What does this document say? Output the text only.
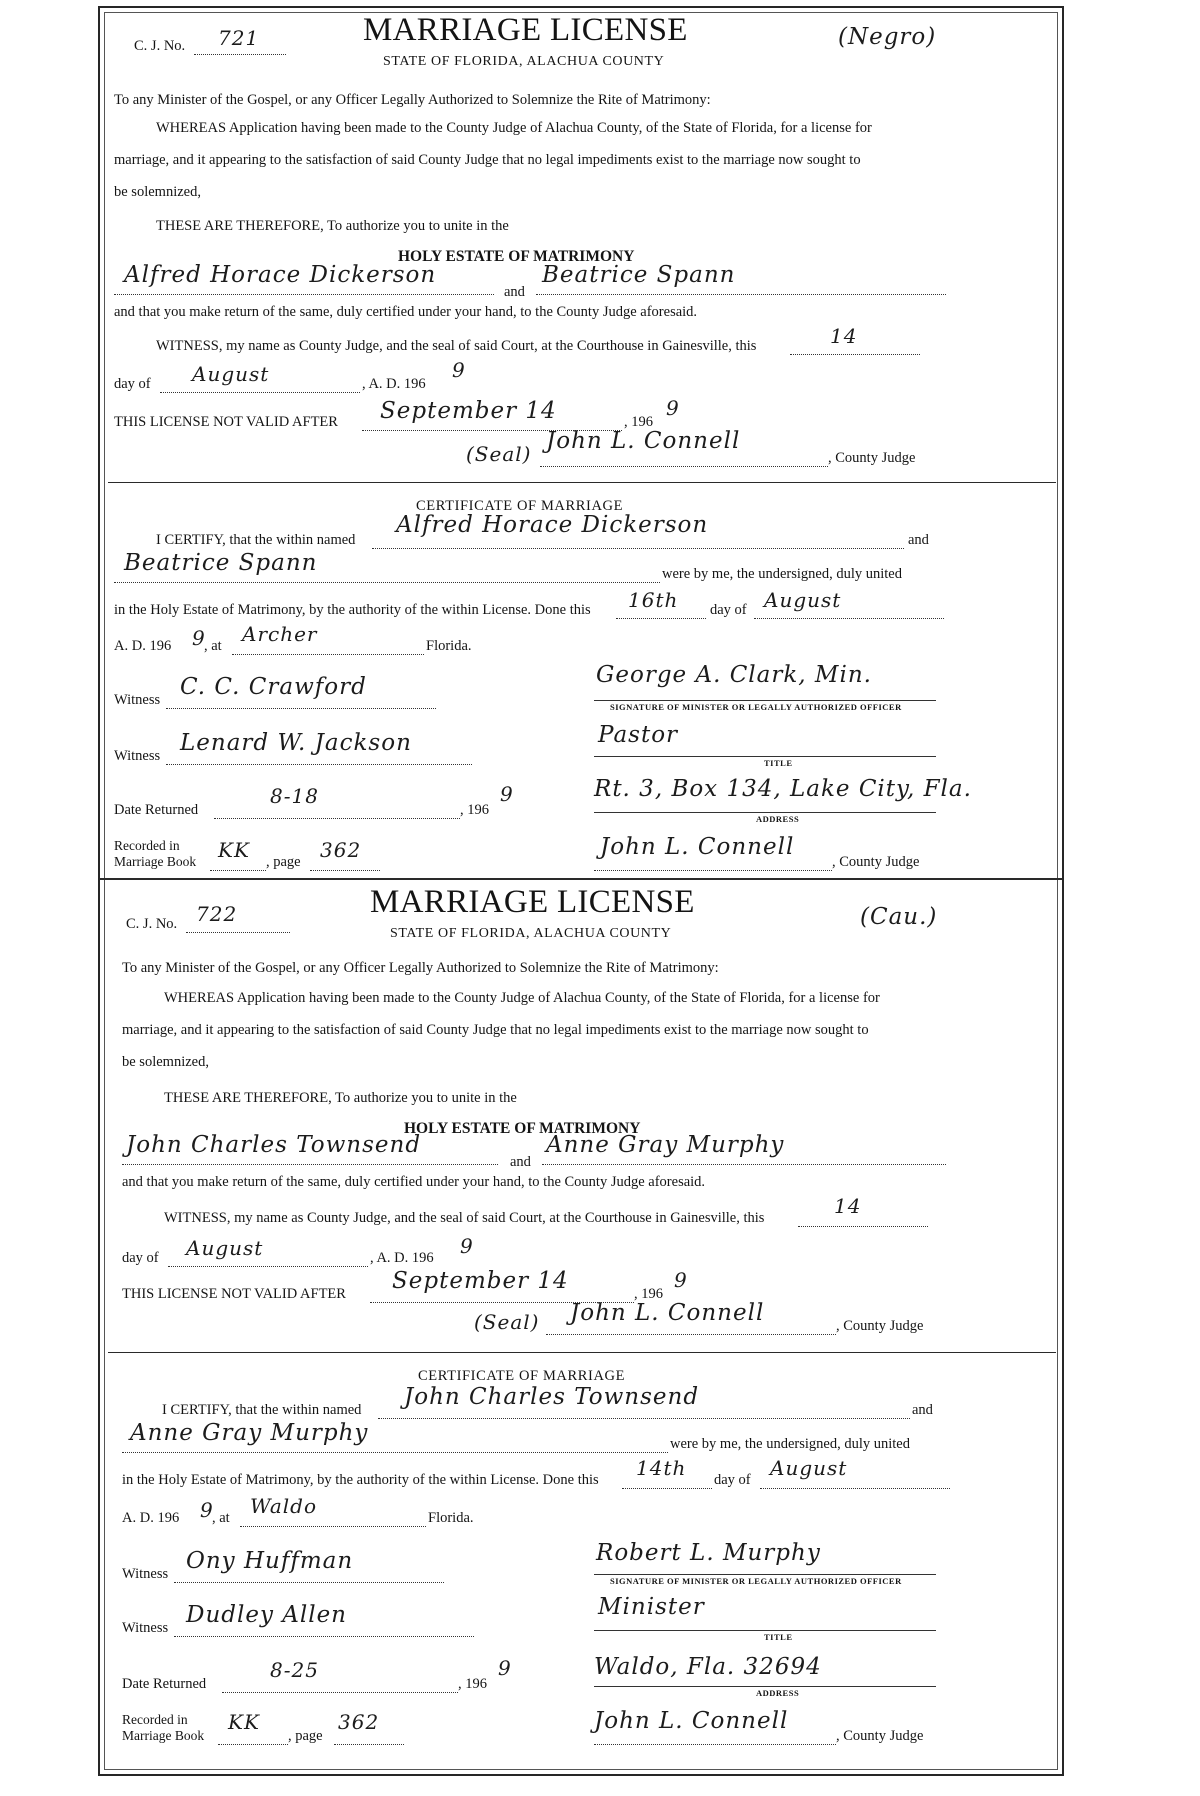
C. J. No. 721	MARRIAGE LICENSE
STATE OF FLORIDA, ALACHUA COUNTY
(Negro)
To any Minister of the Gospel, or any Officer Legally Authorized to Solemnize the Rite of Matrimony:
WHEREAS Application having been made to the County Judge of Alachua County, of the State of Florida, for a license for
marriage, and it appearing to the satisfaction of said County Judge that no legal impediments exist to the marriage now sought to
be solemnized,
THESE ARE THEREFORE, To authorize you to unite in the
HOLY ESTATE OF MATRIMONY
Alfred Horace Dickerson
and
Beatrice Spann
and that you make return of the same, duly certified under your hand, to the County Judge aforesaid.
WITNESS, my name as County Judge, and the seal of said Court, at the Courthouse in Gainesville, this	14
day of August	, A. D. 196
9
THIS LICENSE NOT VALID AFTER September 14	, 196
9
(Seal) John L. Connell
, County Judge
CERTIFICATE OF MARRIAGE
I CERTIFY, that the within named
Alfred Horace Dickerson
and
Beatrice Spann	were by me, the undersigned, duly united
in the Holy Estate of Matrimony, by the authority of the within License. Done this 16th day of August
A. D. 196 9
, at Archer	Florida.
Witness C. C. Crawford	George A. Clark, Min.
SIGNATURE OF MINISTER OR LEGALLY AUTHORIZED OFFICER
Witness Lenard W. Jackson	Pastor
TITLE
Date Returned
8-18
, 196
9	Rt. 3, Box 134, Lake City, Fla.
ADDRESS
Recorded in
Marriage Book KK , page 362	John L. Connell
, County Judge
C. J. No. 722	MARRIAGE LICENSE
STATE OF FLORIDA, ALACHUA COUNTY
(Cau.)
To any Minister of the Gospel, or any Officer Legally Authorized to Solemnize the Rite of Matrimony:
WHEREAS Application having been made to the County Judge of Alachua County, of the State of Florida, for a license for
marriage, and it appearing to the satisfaction of said County Judge that no legal impediments exist to the marriage now sought to
be solemnized,
THESE ARE THEREFORE, To authorize you to unite in the
HOLY ESTATE OF MATRIMONY
John Charles Townsend
and
Anne Gray Murphy
and that you make return of the same, duly certified under your hand, to the County Judge aforesaid.
WITNESS, my name as County Judge, and the seal of said Court, at the Courthouse in Gainesville, this	14
day of August	, A. D. 196 9
THIS LICENSE NOT VALID AFTER September 14	, 196
9
(Seal) John L. Connell	, County Judge
CERTIFICATE OF MARRIAGE
I CERTIFY, that the within named John Charles Townsend	and
Anne Gray Murphy	were by me, the undersigned, duly united
in the Holy Estate of Matrimony, by the authority of the within License. Done this 14th day of August
A. D. 196 9
, at Waldo	Florida.
Witness Ony Huffman	Robert L. Murphy
SIGNATURE OF MINISTER OR LEGALLY AUTHORIZED OFFICER
Witness Dudley Allen	Minister
TITLE
Date Returned
8-25
, 196
9	Waldo, Fla. 32694
ADDRESS
Recorded in
Marriage Book
KK
, page
362	John L. Connell
, County Judge
